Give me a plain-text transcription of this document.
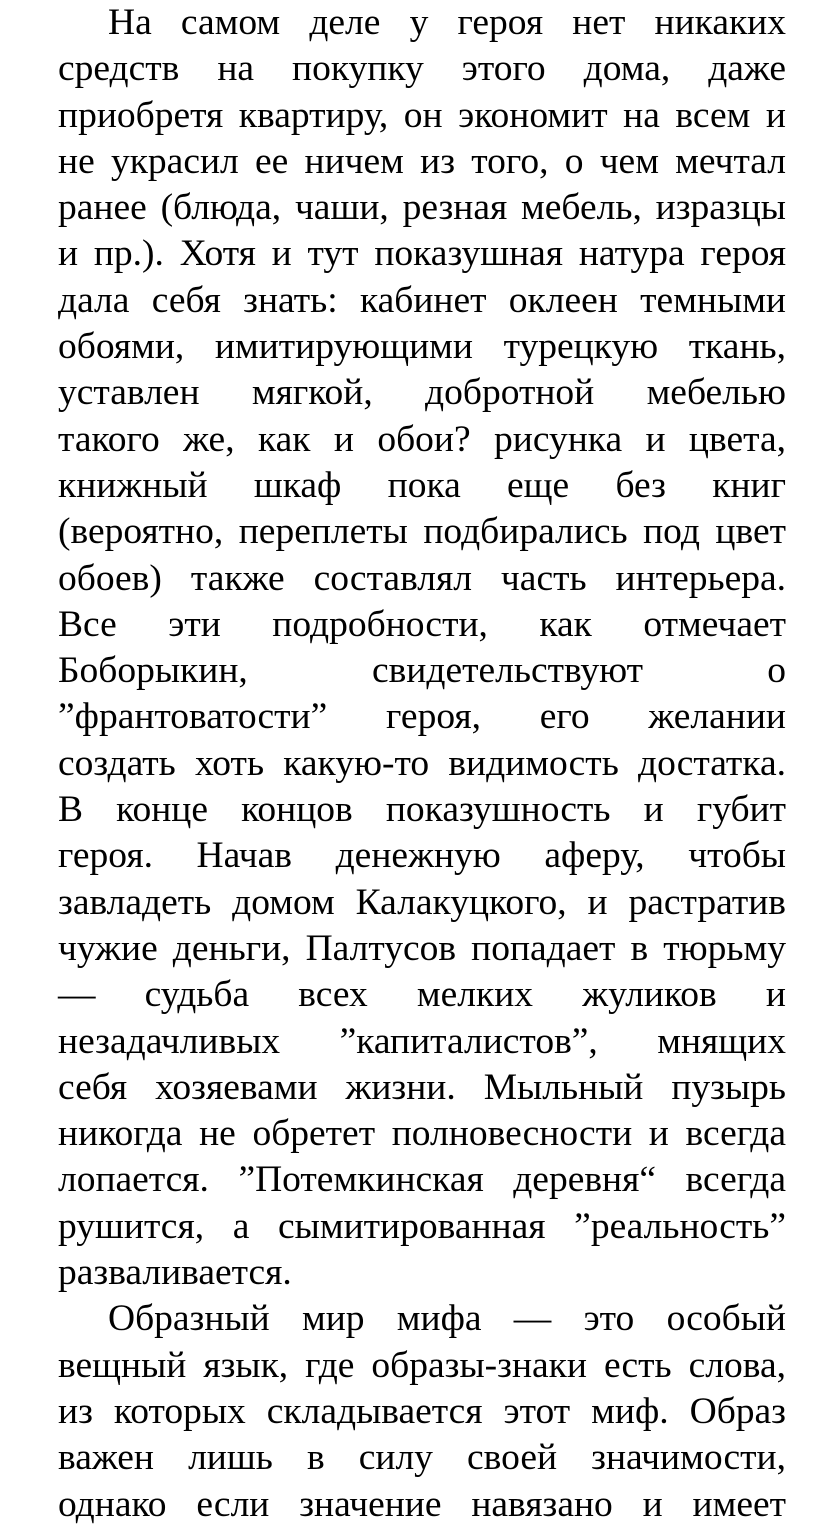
На самом деле у героя нет никаких
средств на покупку этого дома, даже
приобретя квартиру, он экономит на всем и
не украсил ее ничем из того, о чем мечтал
ранее (блюда, чаши, резная мебель, изразцы
и пр.). Хотя и тут показушная натура героя
дала себя знать: кабинет оклеен темными
обоями, имитирующими турецкую ткань,
уставлен мягкой, добротной мебелью
такого же, как и обои? рисунка и цвета,
книжный шкаф пока еще без книг
(вероятно, переплеты подбирались под цвет
обоев) также составлял часть интерьера.
Все эти подробности, как отмечает
Боборыкин, свидетельствуют о
”франтоватости” героя, его желании
создать хоть какую-то видимость достатка.
В конце концов показушность и губит
героя. Начав денежную аферу, чтобы
завладеть домом Калакуцкого, и растратив
чужие деньги, Палтусов попадает в тюрьму
— судьба всех мелких жуликов и
незадачливых ”капиталистов”, мнящих
себя хозяевами жизни. Мыльный пузырь
никогда не обретет полновесности и всегда
лопается. ”Потемкинская деревня“ всегда
рушится, а сымитированная ”реальность”
разваливается.
Образный мир мифа — это особый
вещный язык, где образы-знаки есть слова,
из которых складывается этот миф. Образ
важен лишь в силу своей значимости,
однако если значение навязано и имеет
